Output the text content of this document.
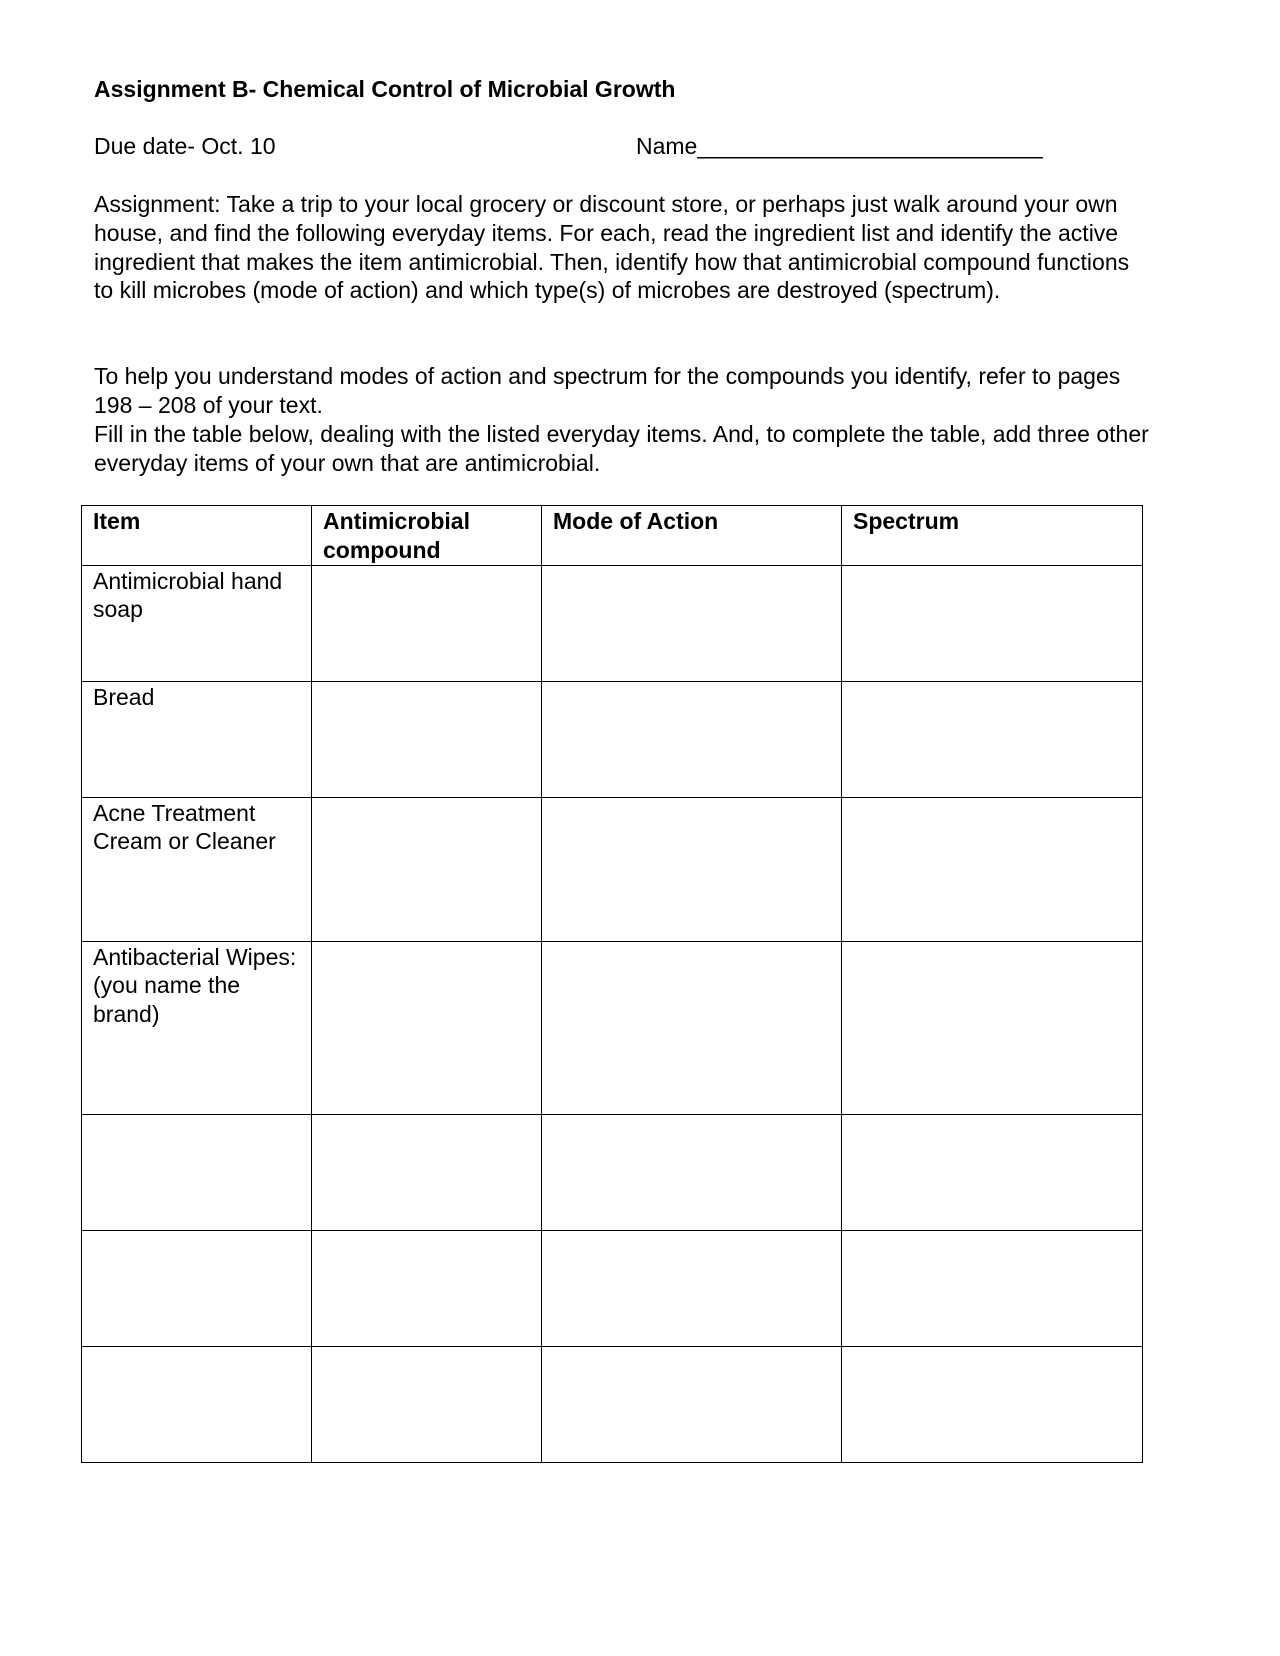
Assignment B- Chemical Control of Microbial Growth
Due date- Oct. 10	Name___________________________
Assignment: Take a trip to your local grocery or discount store, or perhaps just walk around your own house, and find the following everyday items. For each, read the ingredient list and identify the active ingredient that makes the item antimicrobial. Then, identify how that antimicrobial compound functions to kill microbes (mode of action) and which type(s) of microbes are destroyed (spectrum).
To help you understand modes of action and spectrum for the compounds you identify, refer to pages 198 – 208 of your text.
Fill in the table below, dealing with the listed everyday items. And, to complete the table, add three other everyday items of your own that are antimicrobial.
Item	Antimicrobial compound	Mode of Action	Spectrum
Antimicrobial hand soap			
Bread			
Acne Treatment Cream or Cleaner			
Antibacterial Wipes: (you name the brand)			
